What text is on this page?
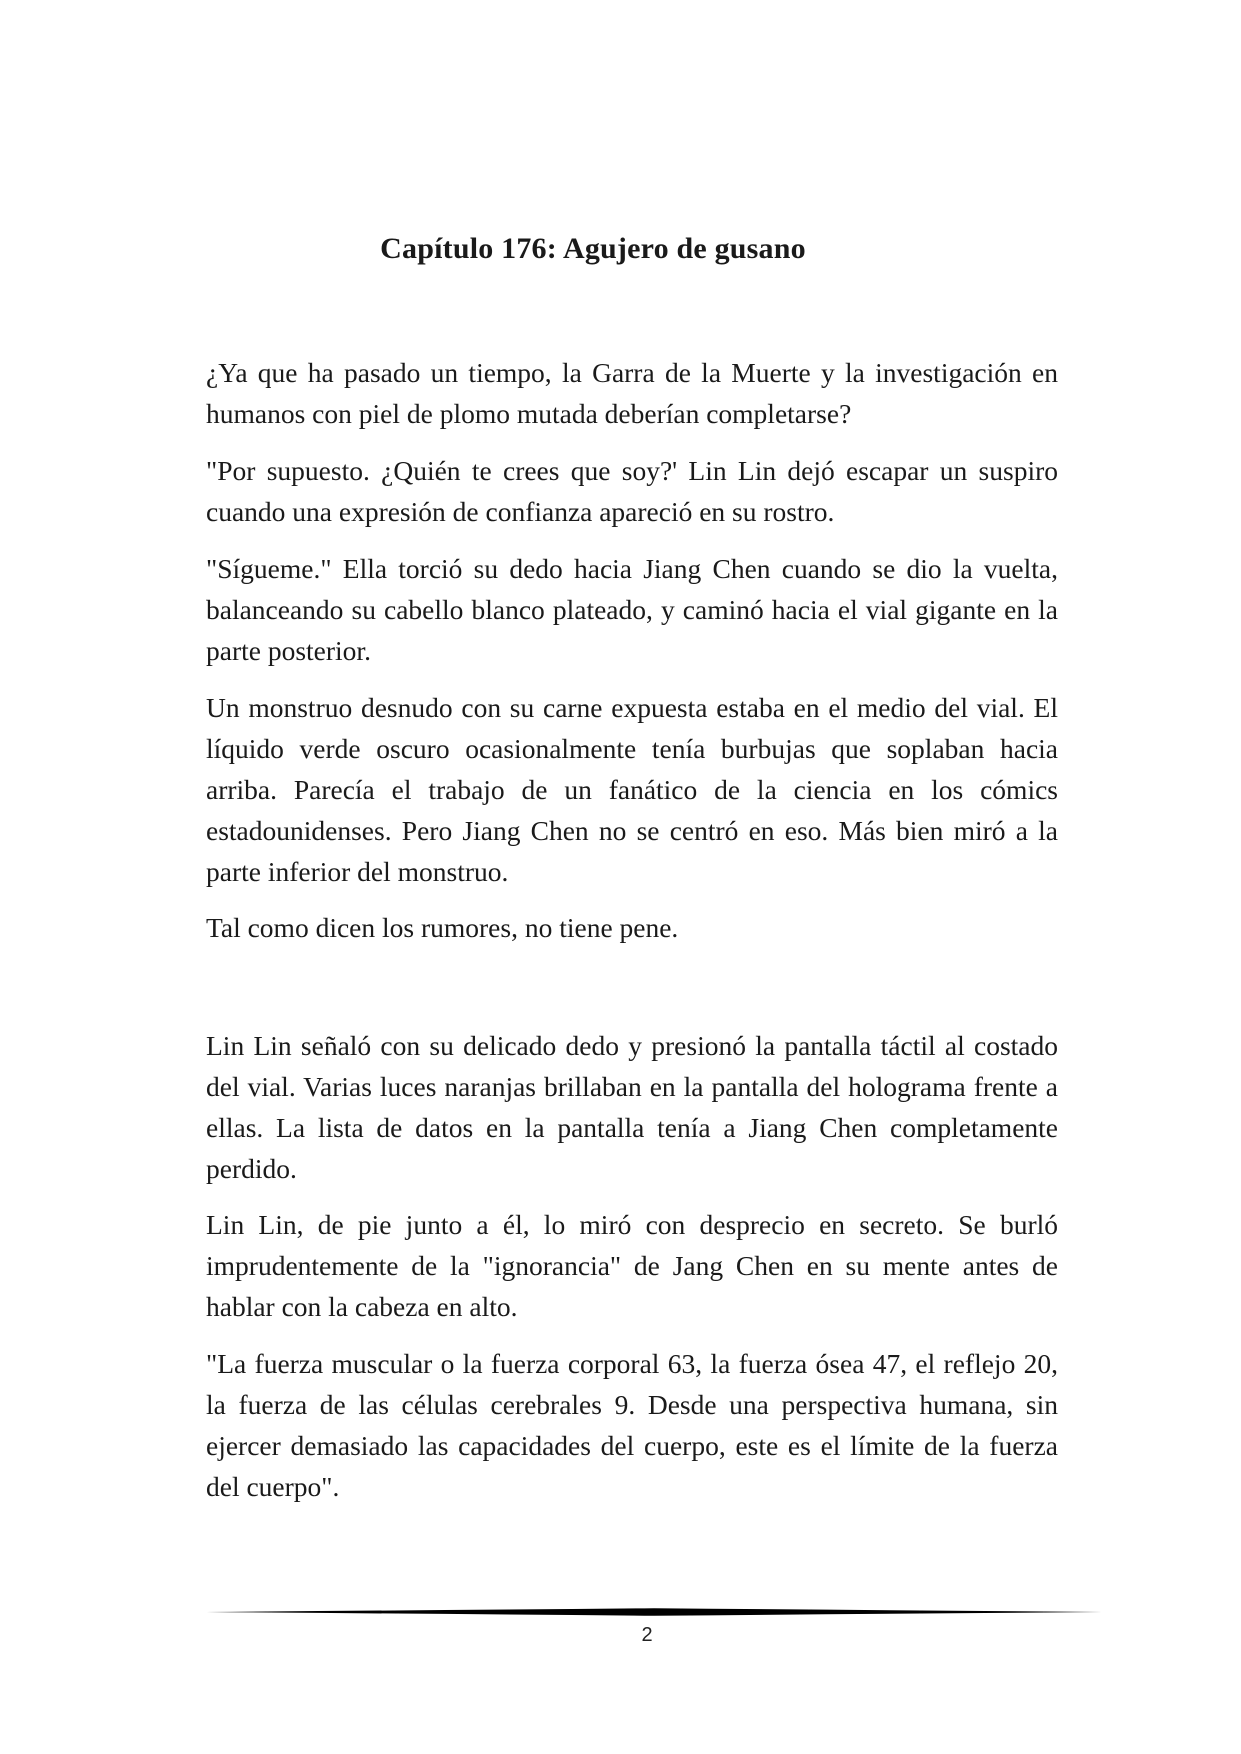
Capítulo 176: Agujero de gusano

¿Ya que ha pasado un tiempo, la Garra de la Muerte y la investigación en humanos con piel de plomo mutada deberían completarse?

"Por supuesto. ¿Quién te crees que soy?' Lin Lin dejó escapar un suspiro cuando una expresión de confianza apareció en su rostro.

"Sígueme." Ella torció su dedo hacia Jiang Chen cuando se dio la vuelta, balanceando su cabello blanco plateado, y caminó hacia el vial gigante en la parte posterior.

Un monstruo desnudo con su carne expuesta estaba en el medio del vial. El líquido verde oscuro ocasionalmente tenía burbujas que soplaban hacia arriba. Parecía el trabajo de un fanático de la ciencia en los cómics estadounidenses. Pero Jiang Chen no se centró en eso. Más bien miró a la parte inferior del monstruo.

Tal como dicen los rumores, no tiene pene.

Lin Lin señaló con su delicado dedo y presionó la pantalla táctil al costado del vial. Varias luces naranjas brillaban en la pantalla del holograma frente a ellas. La lista de datos en la pantalla tenía a Jiang Chen completamente perdido.

Lin Lin, de pie junto a él, lo miró con desprecio en secreto. Se burló imprudentemente de la "ignorancia" de Jang Chen en su mente antes de hablar con la cabeza en alto.

"La fuerza muscular o la fuerza corporal 63, la fuerza ósea 47, el reflejo 20, la fuerza de las células cerebrales 9. Desde una perspectiva humana, sin ejercer demasiado las capacidades del cuerpo, este es el límite de la fuerza del cuerpo".

2
